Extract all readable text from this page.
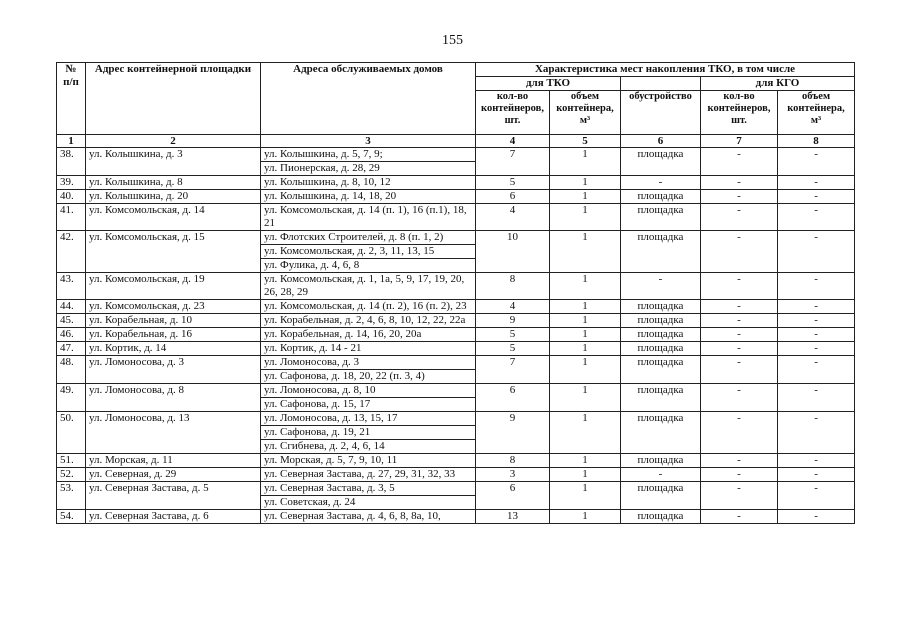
155
№ п/п	Адрес контейнерной площадки	Адреса обслуживаемых домов	Характеристика мест накопления ТКО, в том числе				
			для ТКО			для КГО	
			кол-во контейнеров, шт.	объем контейнера, м³	обустройство	кол-во контейнеров, шт.	объем контейнера, м³
1	2	3	4	5	6	7	8
38.	ул. Колышкина, д. 3	ул. Колышкина, д. 5, 7, 9;	7	1	площадка	-	-
		ул. Пионерская, д. 28, 29					
39.	ул. Колышкина, д. 8	ул. Колышкина, д. 8, 10, 12	5	1	-	-	-
40.	ул. Колышкина, д. 20	ул. Колышкина, д. 14, 18, 20	6	1	площадка	-	-
41.	ул. Комсомольская, д. 14	ул. Комсомольская, д. 14 (п. 1), 16 (п.1), 18, 21	4	1	площадка	-	-
42.	ул. Комсомольская, д. 15	ул. Флотских Строителей, д. 8 (п. 1, 2)	10	1	площадка	-	-
		ул. Комсомольская, д. 2, 3, 11, 13, 15					
		ул. Фулика, д. 4, 6, 8					
43.	ул. Комсомольская, д. 19	ул. Комсомольская, д. 1, 1а, 5, 9, 17, 19, 20, 26, 28, 29	8	1	-	-	-
44.	ул. Комсомольская, д. 23	ул. Комсомольская, д. 14 (п. 2), 16 (п. 2), 23	4	1	площадка	-	-
45.	ул. Корабельная, д. 10	ул. Корабельная, д. 2, 4, 6, 8, 10, 12, 22, 22а	9	1	площадка	-	-
46.	ул. Корабельная, д. 16	ул. Корабельная, д. 14, 16, 20, 20а	5	1	площадка	-	-
47.	ул. Кортик, д. 14	ул. Кортик, д. 14 - 21	5	1	площадка	-	-
48.	ул. Ломоносова, д. 3	ул. Ломоносова, д. 3	7	1	площадка	-	-
		ул. Сафонова, д. 18, 20, 22 (п. 3, 4)					
49.	ул. Ломоносова, д. 8	ул. Ломоносова, д. 8, 10	6	1	площадка	-	-
		ул. Сафонова, д. 15, 17					
50.	ул. Ломоносова, д. 13	ул. Ломоносова, д. 13, 15, 17	9	1	площадка	-	-
		ул. Сафонова, д. 19, 21					
		ул. Сгибнева, д. 2, 4, 6, 14					
51.	ул. Морская, д. 11	ул. Морская, д. 5, 7, 9, 10, 11	8	1	площадка	-	-
52.	ул. Северная, д. 29	ул. Северная Застава, д. 27, 29, 31, 32, 33	3	1	-	-	-
53.	ул. Северная Застава, д. 5	ул. Северная Застава, д. 3, 5	6	1	площадка	-	-
		ул. Советская, д. 24					
54.	ул. Северная Застава, д. 6	ул. Северная Застава, д. 4, 6, 8, 8а, 10,	13	1	площадка	-	-
